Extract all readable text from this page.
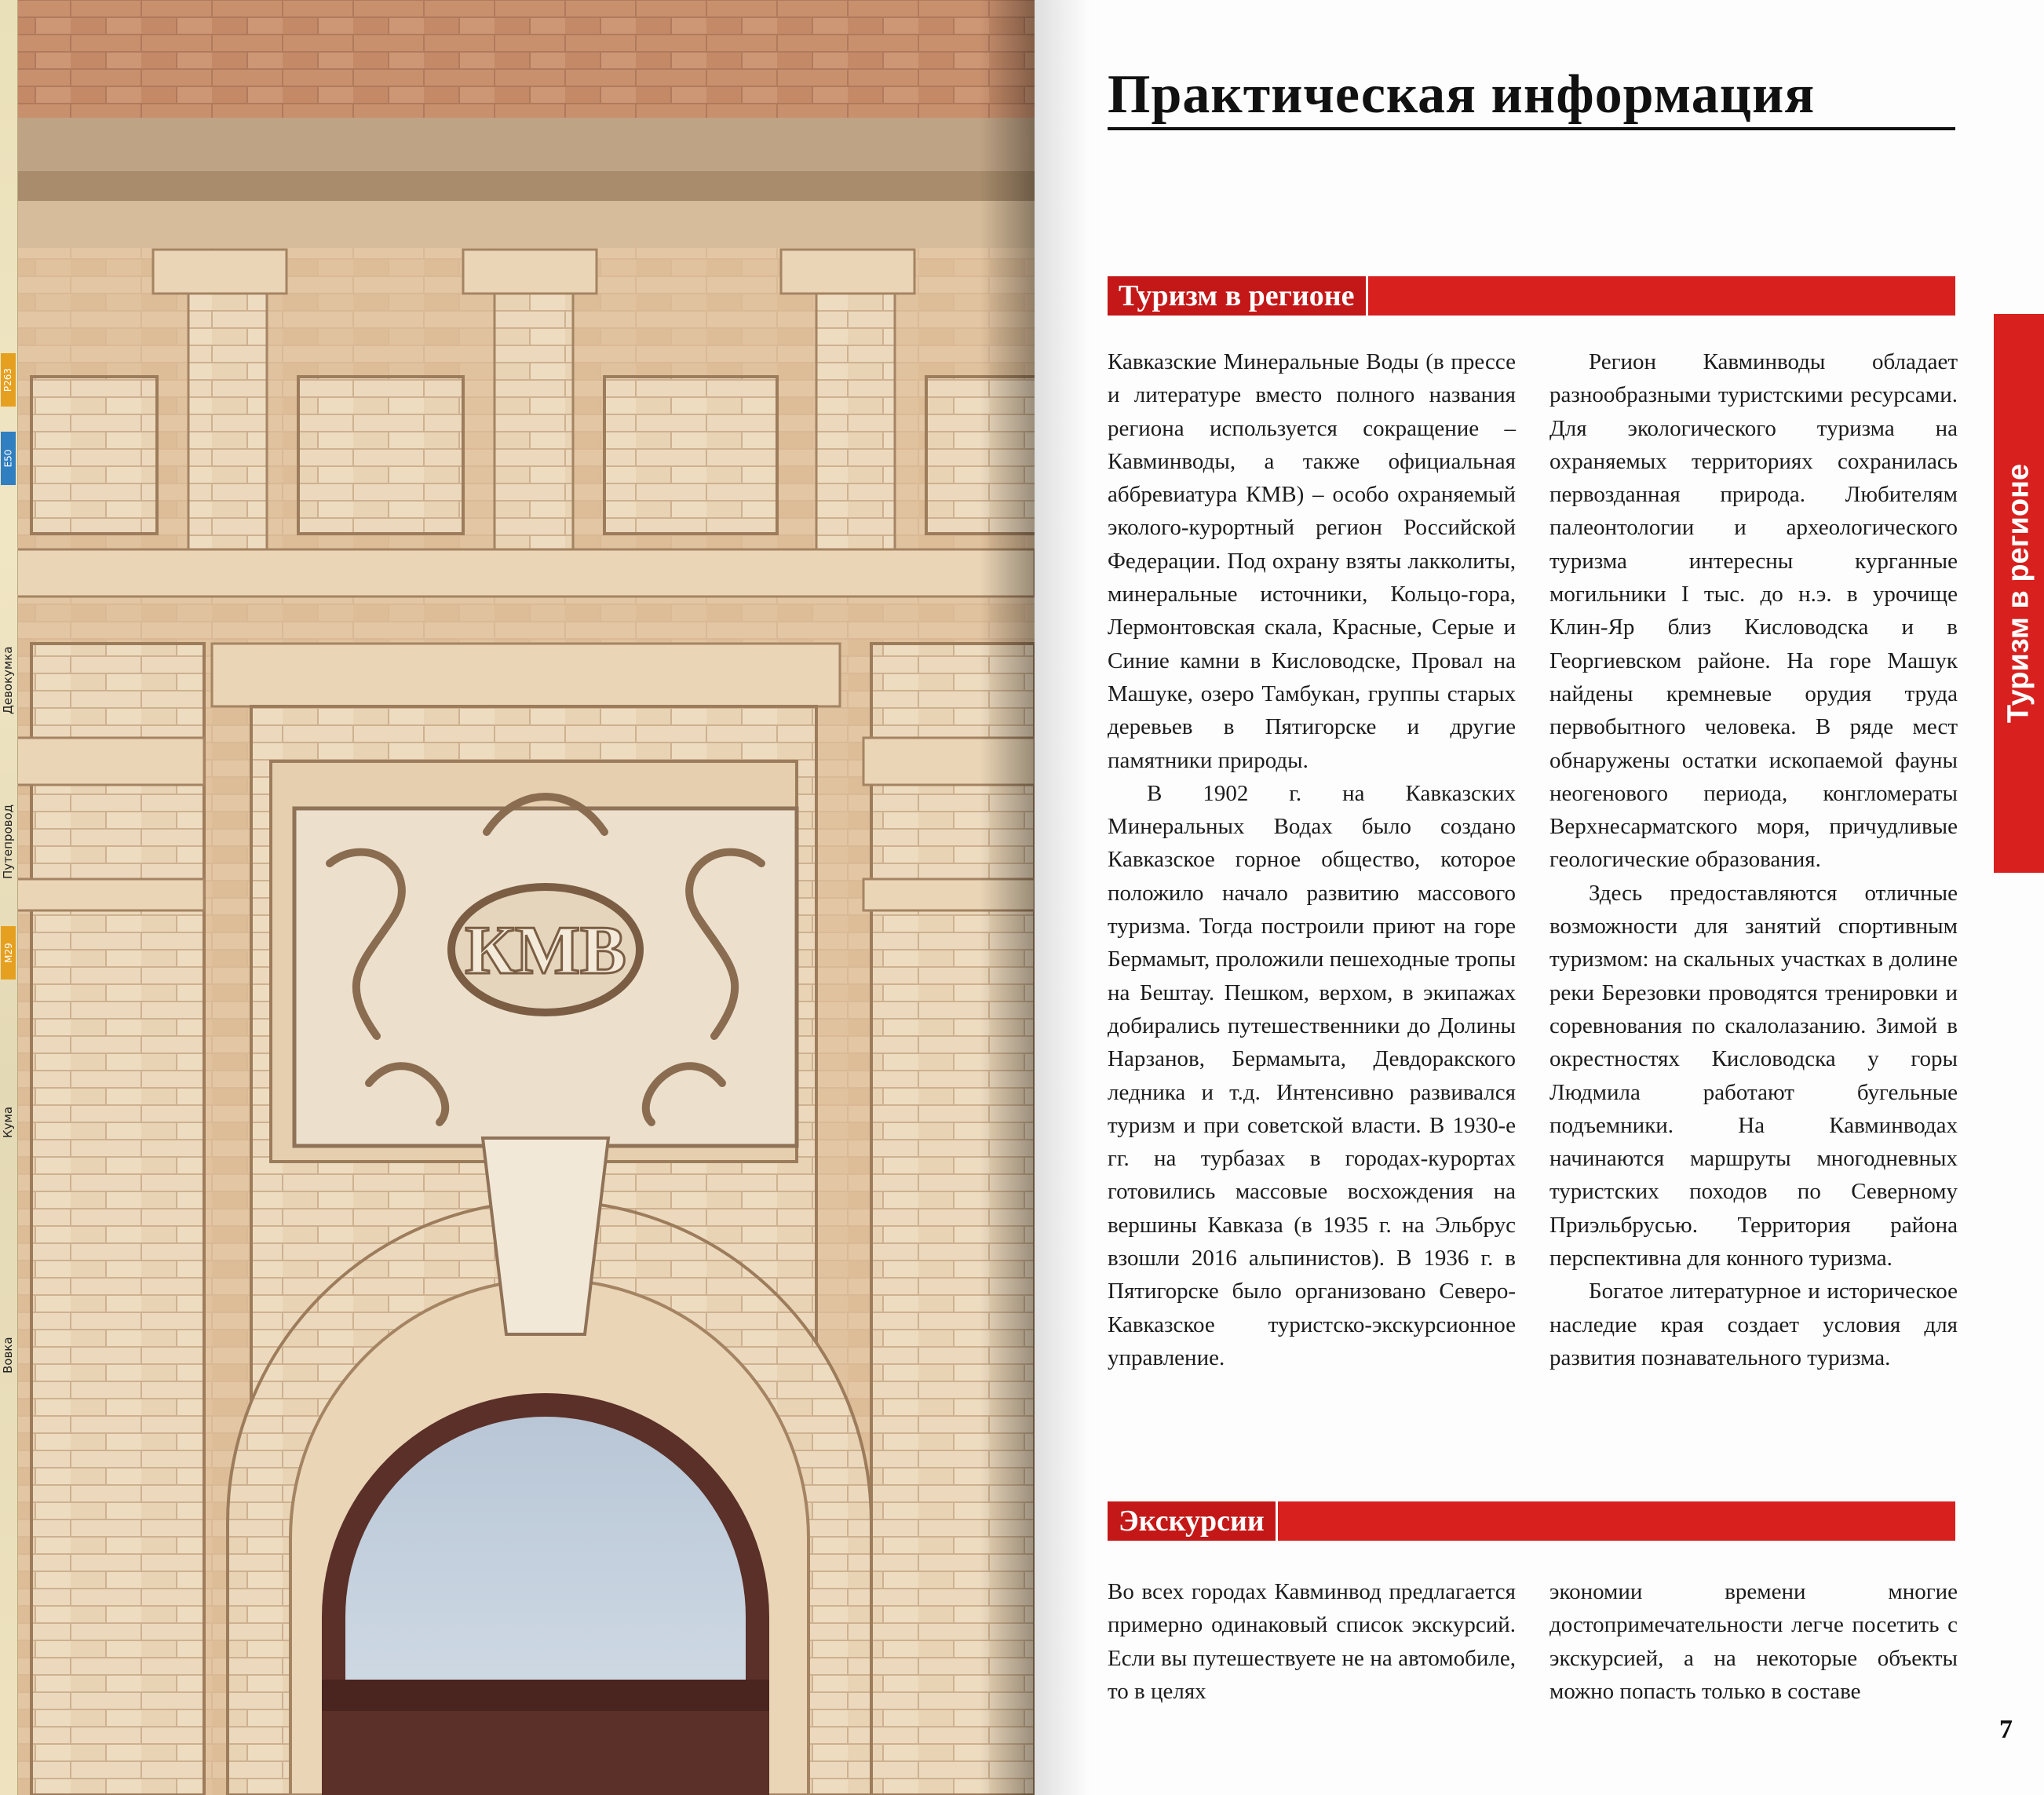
КМВ
P263
E50
M29
Девокумка
Путепровод
Кума
Вовка
Практическая информация
Туризм в регионе

Кавказские Минеральные Воды (в прессе и литературе вместо полного названия региона используется сокращение – Кавминводы, а также официальная аббревиатура КМВ) – особо охраняемый эколого-курортный регион Российской Федерации. Под охрану взяты лакколиты, минеральные источники, Кольцо-гора, Лермонтовская скала, Красные, Серые и Синие камни в Кисловодске, Провал на Машуке, озеро Тамбукан, группы старых деревьев в Пятигорске и другие памятники природы.

В 1902 г. на Кавказских Минеральных Водах было создано Кавказское горное общество, которое положило начало развитию массового туризма. Тогда построили приют на горе Бермамыт, проложили пешеходные тропы на Бештау. Пешком, верхом, в экипажах добирались путешественники до Долины Нарзанов, Бермамыта, Девдоракского ледника и т.д. Интенсивно развивался туризм и при советской власти. В 1930-е гг. на турбазах в городах-курортах готовились массовые восхождения на вершины Кавказа (в 1935 г. на Эльбрус взошли 2016 альпинистов). В 1936 г. в Пятигорске было организовано Северо-Кавказское туристско-экскурсионное управление.

Регион Кавминводы обладает разнообразными туристскими ресурсами. Для экологического туризма на охраняемых территориях сохранилась первозданная природа. Любителям палеонтологии и археологического туризма интересны курганные могильники I тыс. до н.э. в урочище Клин-Яр близ Кисловодска и в Георгиевском районе. На горе Машук найдены кремневые орудия труда первобытного человека. В ряде мест обнаружены остатки ископаемой фауны неогенового периода, конгломераты Верхнесарматского моря, причудливые геологические образования.

Здесь предоставляются отличные возможности для занятий спортивным туризмом: на скальных участках в долине реки Березовки проводятся тренировки и соревнования по скалолазанию. Зимой в окрестностях Кисловодска у горы Людмила работают бугельные подъемники. На Кавминводах начинаются маршруты многодневных туристских походов по Северному Приэльбрусью. Территория района перспективна для конного туризма.

Богатое литературное и историческое наследие края создает условия для развития познавательного туризма.

Экскурсии

Во всех городах Кавминвод предлагается примерно одинаковый список экскурсий. Если вы путешествуете не на автомобиле, то в целях

экономии времени многие достопримечательности легче посетить с экскурсией, а на некоторые объекты можно попасть только в составе

Туризм в регионе
7
